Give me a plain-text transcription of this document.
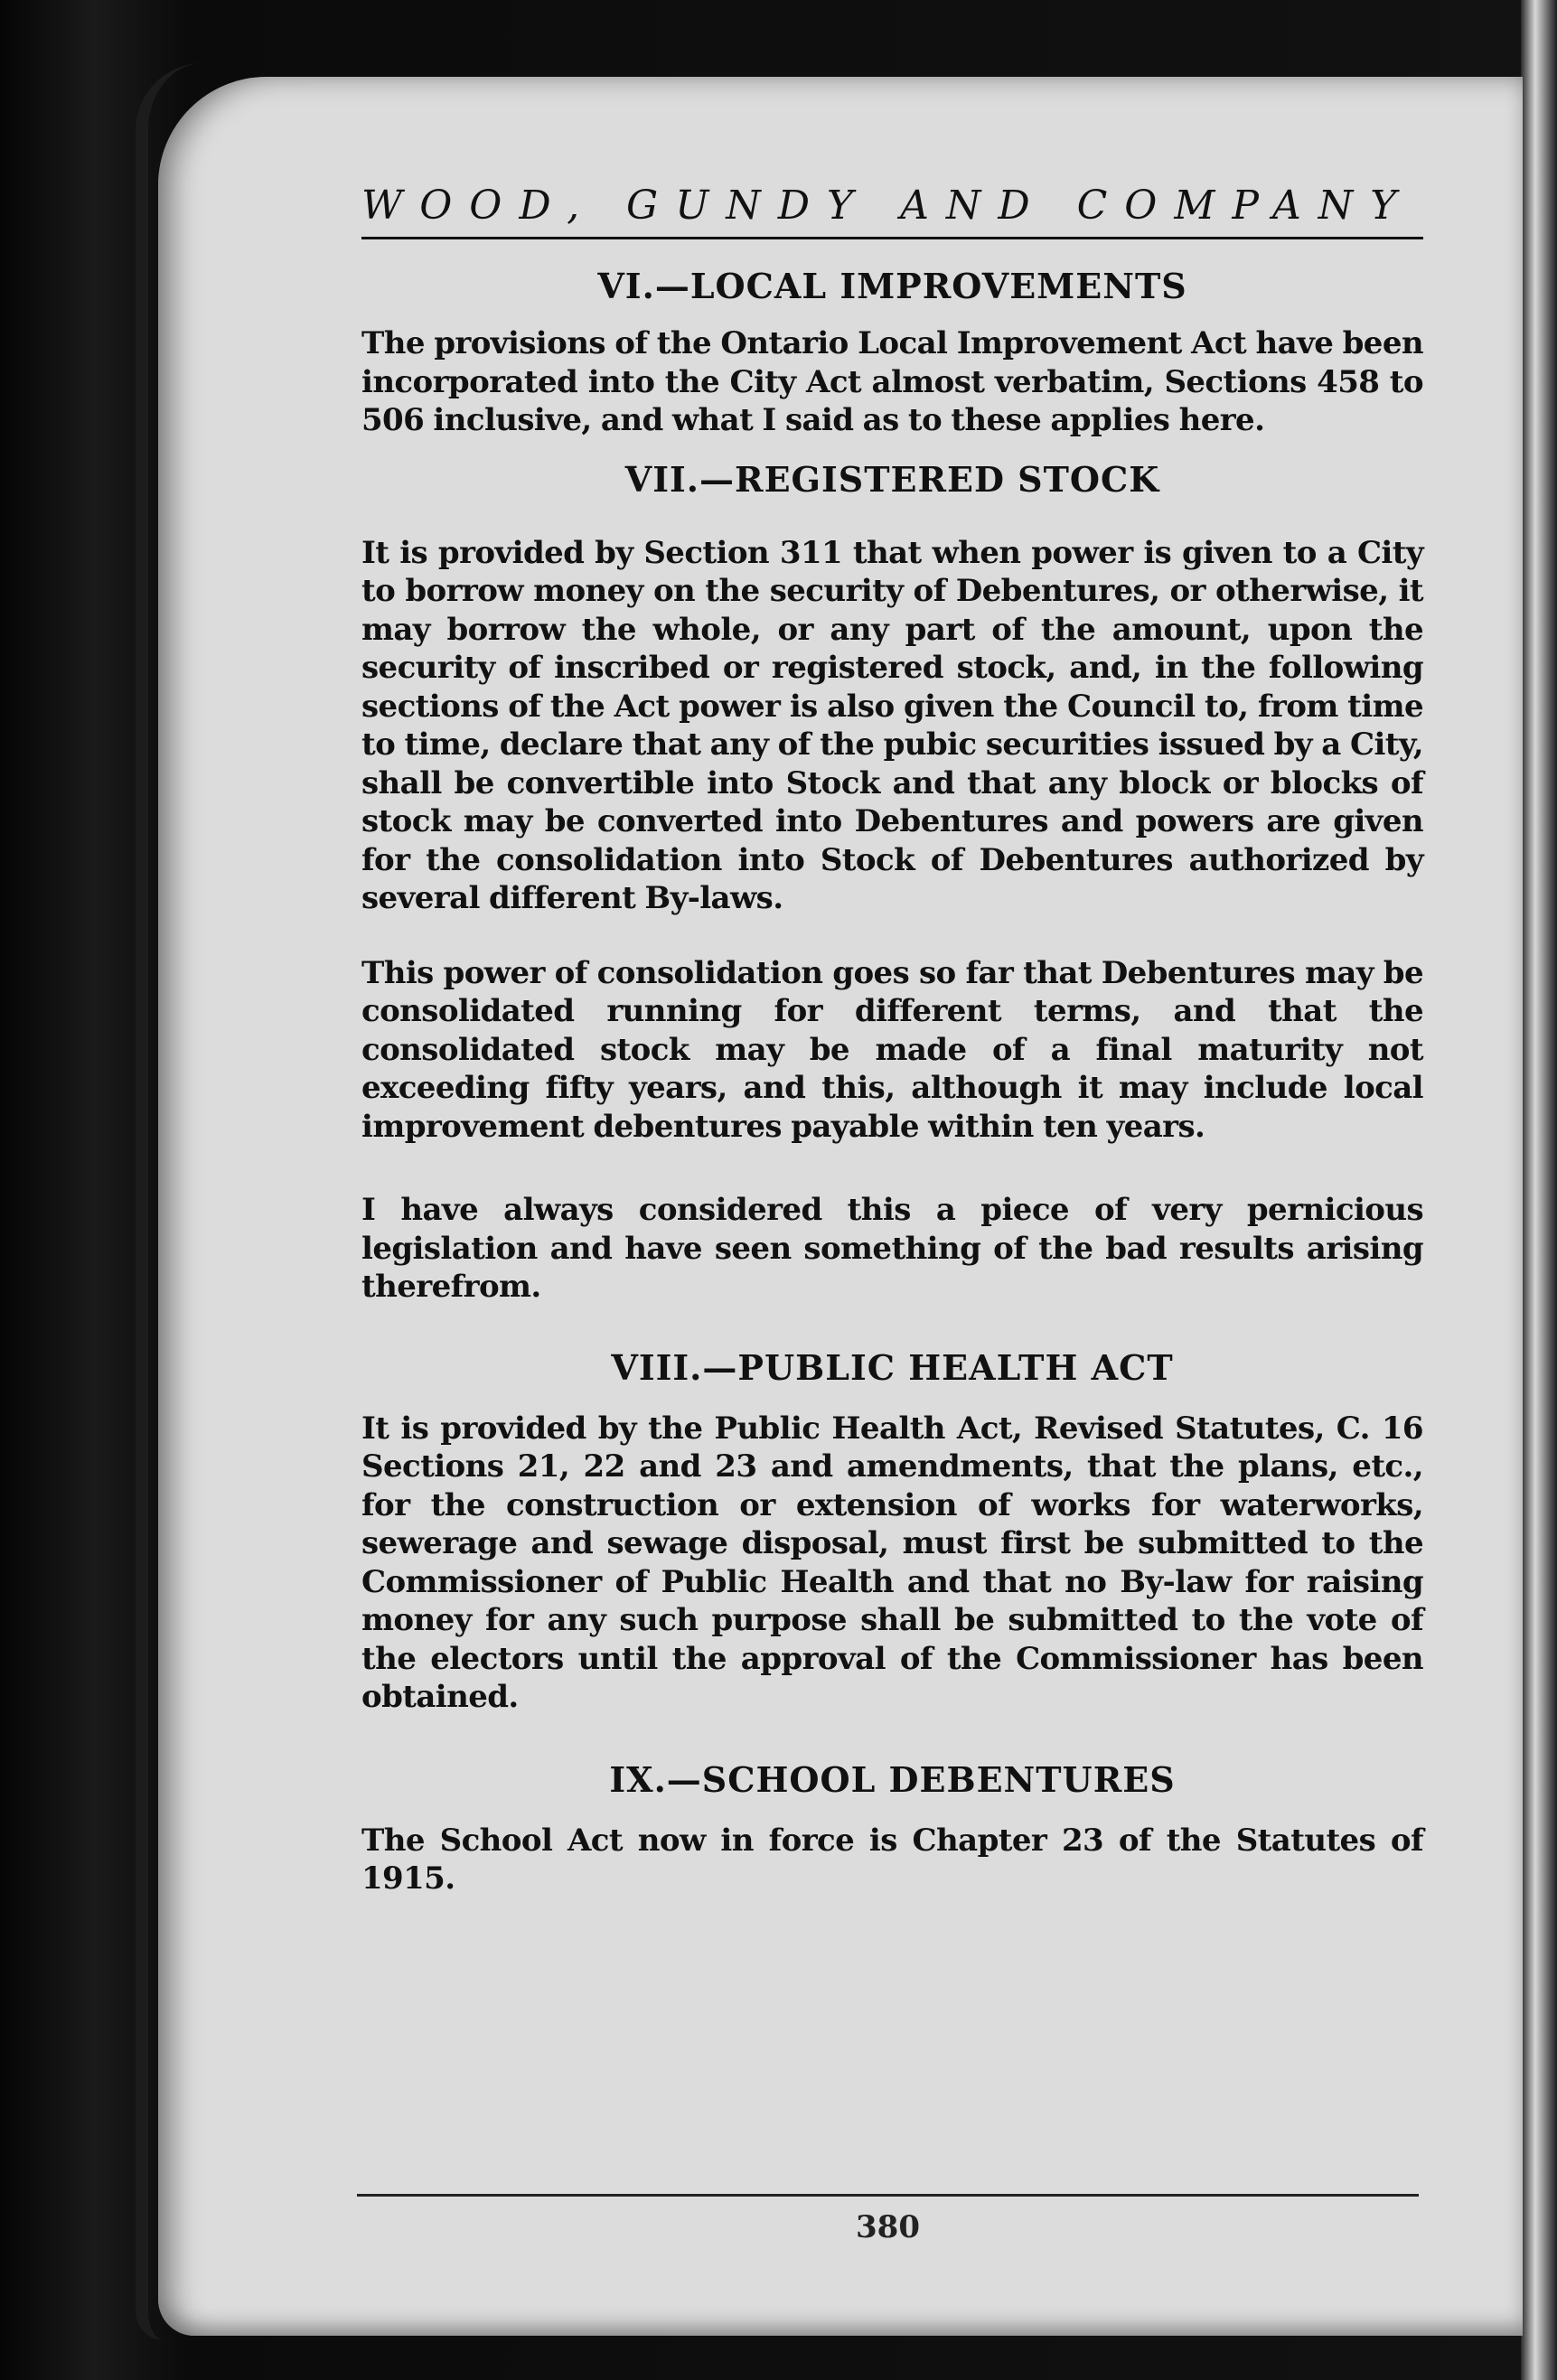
WOOD, GUNDY AND COMPANY
VI.—LOCAL IMPROVEMENTS

The provisions of the Ontario Local Improvement Act have been incorporated into the City Act almost verbatim, Sections 458 to 506 inclusive, and what I said as to these applies here.

VII.—REGISTERED STOCK

It is provided by Section 311 that when power is given to a City to borrow money on the security of Debentures, or otherwise, it may borrow the whole, or any part of the amount, upon the security of inscribed or registered stock, and, in the following sections of the Act power is also given the Council to, from time to time, declare that any of the pubic securities issued by a City, shall be convertible into Stock and that any block or blocks of stock may be converted into Debentures and powers are given for the consolidation into Stock of Debentures authorized by several different By-laws.

This power of consolidation goes so far that Debentures may be consolidated running for different terms, and that the consolidated stock may be made of a final maturity not exceeding fifty years, and this, although it may include local improvement debentures payable within ten years.

I have always considered this a piece of very pernicious legislation and have seen something of the bad results arising therefrom.

VIII.—PUBLIC HEALTH ACT

It is provided by the Public Health Act, Revised Statutes, C. 16 Sections 21, 22 and 23 and amendments, that the plans, etc., for the construction or extension of works for waterworks, sewerage and sewage disposal, must first be submitted to the Commissioner of Public Health and that no By-law for raising money for any such purpose shall be submitted to the vote of the electors until the approval of the Commissioner has been obtained.

IX.—SCHOOL DEBENTURES

The School Act now in force is Chapter 23 of the Statutes of 1915.

380
